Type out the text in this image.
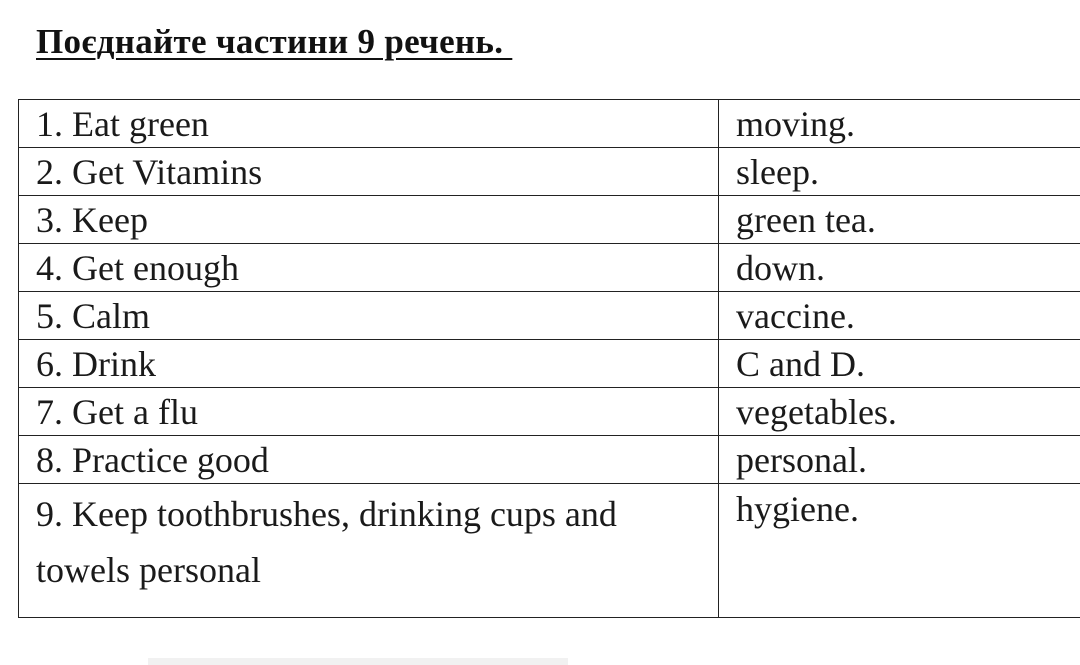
Поєднайте частини 9 речень.
1. Eat green	moving.
2. Get Vitamins	sleep.
3. Keep	green tea.
4. Get enough	down.
5. Calm	vaccine.
6. Drink	C and D.
7. Get a flu	vegetables.
8. Practice good	personal.
9. Keep toothbrushes, drinking cups and towels personal	hygiene.
